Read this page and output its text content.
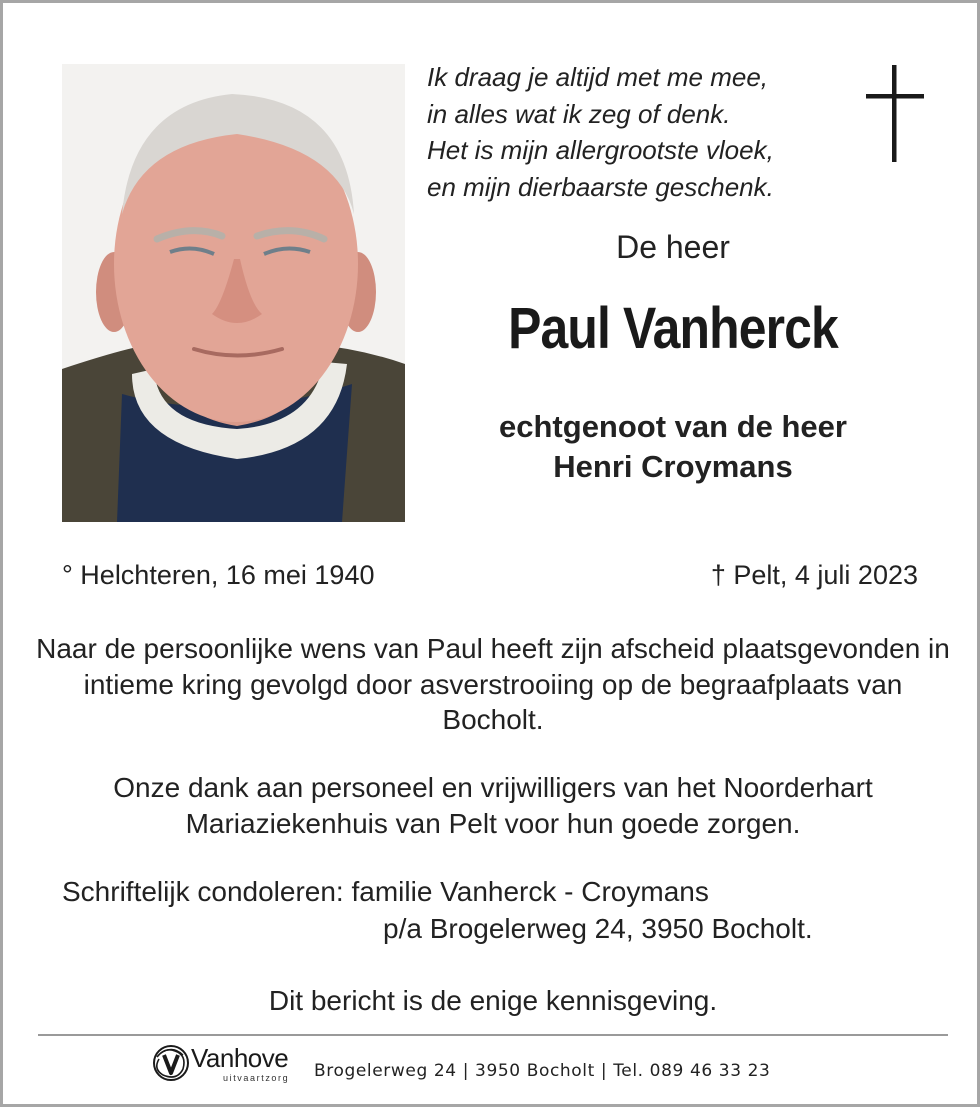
Ik draag je altijd met me mee,
in alles wat ik zeg of denk.
Het is mijn allergrootste vloek,
en mijn dierbaarste geschenk.
De heer
Paul Vanherck
echtgenoot van de heer
Henri Croymans
° Helchteren, 16 mei 1940	† Pelt, 4 juli 2023
Naar de persoonlijke wens van Paul heeft zijn afscheid plaatsgevonden in intieme kring gevolgd door asverstrooiing op de begraafplaats van Bocholt.
Onze dank aan personeel en vrijwilligers van het Noorderhart Mariaziekenhuis van Pelt voor hun goede zorgen.
Schriftelijk condoleren: familie Vanherck - Croymans
p/a Brogelerweg 24, 3950 Bocholt.
Dit bericht is de enige kennisgeving.
Vanhove
uitvaartzorg Brogelerweg 24 | 3950 Bocholt | Tel. 089 46 33 23
